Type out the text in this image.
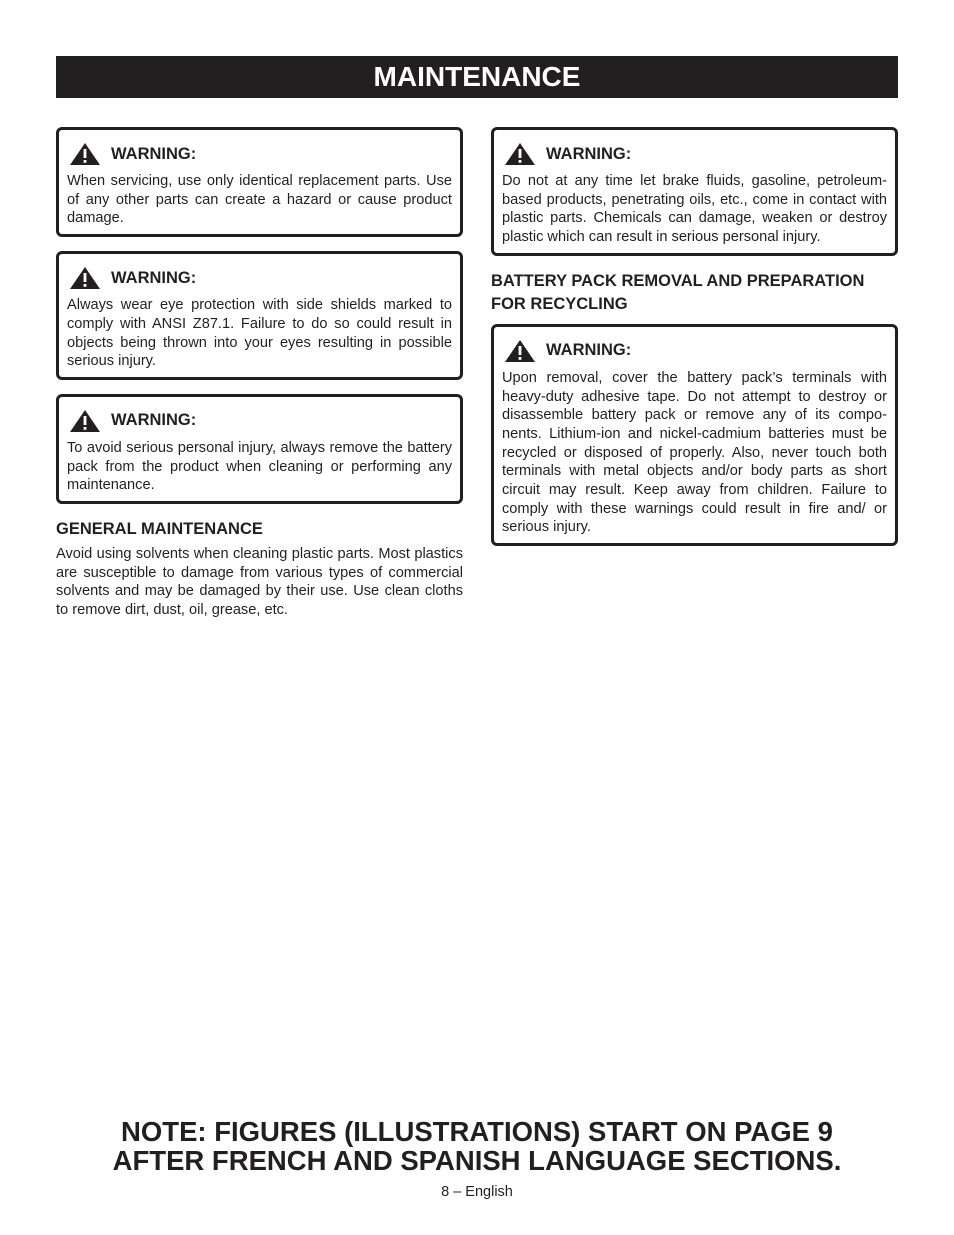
MAINTENANCE
WARNING:
When servicing, use only identical replacement parts. Use of any other parts can create a hazard or cause product damage.
WARNING:
Always wear eye protection with side shields marked to comply with ANSI Z87.1. Failure to do so could result in objects being thrown into your eyes resulting in possible serious injury.
WARNING:
To avoid serious personal injury, always remove the battery pack from the product when cleaning or performing any maintenance.
GENERAL MAINTENANCE
Avoid using solvents when cleaning plastic parts. Most plastics are susceptible to damage from various types of commercial solvents and may be damaged by their use. Use clean cloths to remove dirt, dust, oil, grease, etc.
WARNING:
Do not at any time let brake fluids, gasoline, petroleum-based products, penetrating oils, etc., come in contact with plastic parts. Chemicals can damage, weaken or destroy plastic which can result in serious personal injury.
BATTERY PACK REMOVAL AND PREPARATION FOR RECYCLING
WARNING:
Upon removal, cover the battery pack’s terminals with heavy-duty adhesive tape. Do not attempt to destroy or disassemble battery pack or remove any of its compo-nents. Lithium-ion and nickel-cadmium batteries must be recycled or disposed of properly. Also, never touch both terminals with metal objects and/or body parts as short circuit may result. Keep away from children. Failure to comply with these warnings could result in fire and/ or serious injury.
NOTE: FIGURES (ILLUSTRATIONS) START ON PAGE 9
AFTER FRENCH AND SPANISH LANGUAGE SECTIONS.
8 – English
